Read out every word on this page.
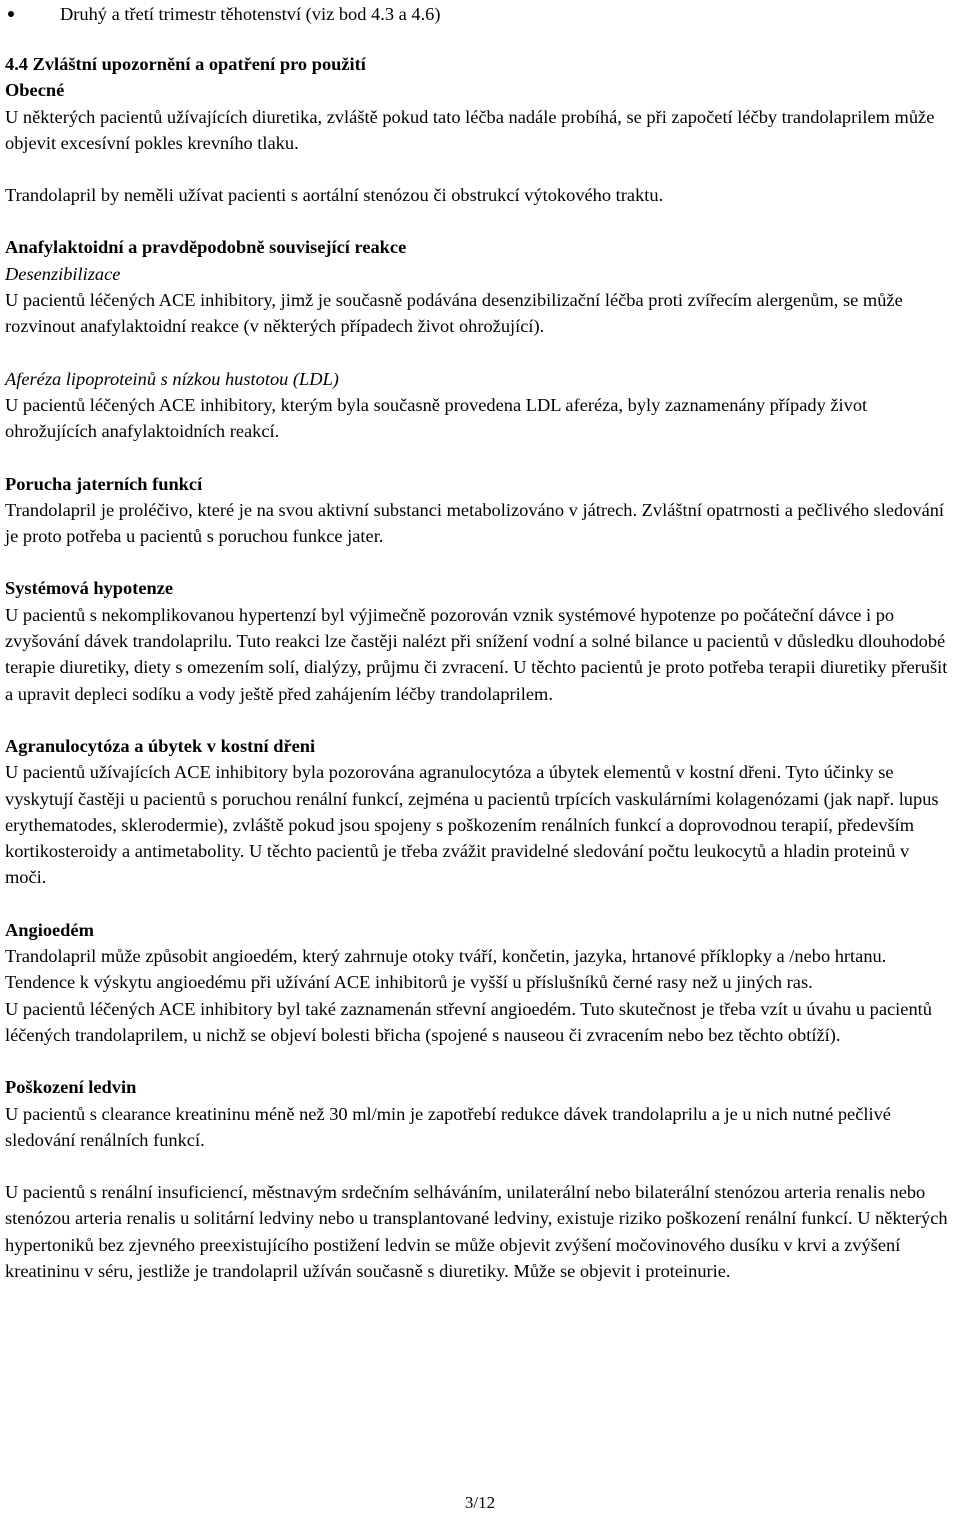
Druhý a třetí trimestr těhotenství (viz bod 4.3 a 4.6)

4.4 Zvláštní upozornění a opatření pro použití

Obecné

U některých pacientů užívajících diuretika, zvláště pokud tato léčba nadále probíhá, se při započetí léčby trandolaprilem může objevit excesívní pokles krevního tlaku.

Trandolapril by neměli užívat pacienti s aortální stenózou či obstrukcí výtokového traktu.

Anafylaktoidní a pravděpodobně související reakce

Desenzibilizace

U pacientů léčených ACE inhibitory, jimž je současně podávána desenzibilizační léčba proti zvířecím alergenům, se může rozvinout anafylaktoidní reakce (v některých případech život ohrožující).

Aferéza lipoproteinů s nízkou hustotou (LDL)

U pacientů léčených ACE inhibitory, kterým byla současně provedena LDL aferéza, byly zaznamenány případy život ohrožujících anafylaktoidních reakcí.

Porucha jaterních funkcí

Trandolapril je proléčivo, které je na svou aktivní substanci metabolizováno v játrech. Zvláštní opatrnosti a pečlivého sledování je proto potřeba u pacientů s poruchou funkce jater.

Systémová hypotenze

U pacientů s nekomplikovanou hypertenzí byl výjimečně pozorován vznik systémové hypotenze po počáteční dávce i po zvyšování dávek trandolaprilu. Tuto reakci lze častěji nalézt při snížení vodní a solné bilance u pacientů v důsledku dlouhodobé terapie diuretiky, diety s omezením solí, dialýzy, průjmu či zvracení. U těchto pacientů je proto potřeba terapii diuretiky přerušit a upravit depleci sodíku a vody ještě před zahájením léčby trandolaprilem.

Agranulocytóza a úbytek v kostní dřeni

U pacientů užívajících ACE inhibitory byla pozorována agranulocytóza a úbytek elementů v kostní dřeni. Tyto účinky se vyskytují častěji u pacientů s poruchou renální funkcí, zejména u pacientů trpících vaskulárními kolagenózami (jak např. lupus erythematodes, sklerodermie), zvláště pokud jsou spojeny s poškozením renálních funkcí a doprovodnou terapií, především kortikosteroidy a antimetabolity. U těchto pacientů je třeba zvážit pravidelné sledování počtu leukocytů a hladin proteinů v moči.

Angioedém

Trandolapril může způsobit angioedém, který zahrnuje otoky tváří, končetin, jazyka, hrtanové příklopky a /nebo hrtanu.

Tendence k výskytu angioedému při užívání ACE inhibitorů je vyšší u příslušníků černé rasy než u jiných ras.

U pacientů léčených ACE inhibitory byl také zaznamenán střevní angioedém. Tuto skutečnost je třeba vzít u úvahu u pacientů léčených trandolaprilem, u nichž se objeví bolesti břicha (spojené s nauseou či zvracením nebo bez těchto obtíží).

Poškození ledvin

U pacientů s clearance kreatininu méně než 30 ml/min je zapotřebí redukce dávek trandolaprilu a je u nich nutné pečlivé sledování renálních funkcí.

U pacientů s renální insuficiencí, městnavým srdečním selháváním, unilaterální nebo bilaterální stenózou arteria renalis nebo stenózou arteria renalis u solitární ledviny nebo u transplantované ledviny, existuje riziko poškození renální funkcí. U některých hypertoniků bez zjevného preexistujícího postižení ledvin se může objevit zvýšení močovinového dusíku v krvi a zvýšení kreatininu v séru, jestliže je trandolapril užíván současně s diuretiky. Může se objevit i proteinurie.

3/12
